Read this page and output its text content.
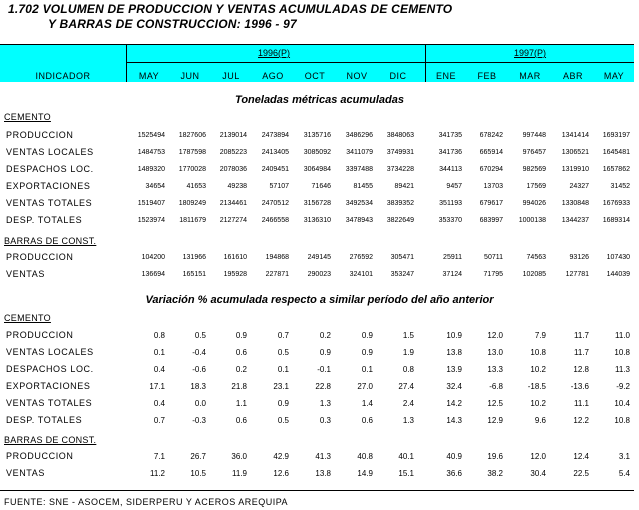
1.702 VOLUMEN DE PRODUCCION Y VENTAS ACUMULADAS DE CEMENTO
Y BARRAS DE CONSTRUCCION: 1996 - 97
1996(P)	1997(P)
INDICADOR	MAY	JUN	JUL	AGO	OCT	NOV	DIC	ENE	FEB	MAR	ABR	MAY
Toneladas métricas acumuladas
Variación % acumulada respecto a similar período del año anterior
CEMENTO
PRODUCCION	1525494	1827606	2139014	2473894	3135716	3486296	3848063	341735	678242	997448	1341414	1693197
VENTAS LOCALES	1484753	1787598	2085223	2413405	3085092	3411079	3749931	341736	665914	976457	1306521	1645481
DESPACHOS LOC.	1489320	1770028	2078036	2409451	3064984	3397488	3734228	344113	670294	982569	1319910	1657862
EXPORTACIONES	34654	41653	49238	57107	71646	81455	89421	9457	13703	17569	24327	31452
VENTAS TOTALES	1519407	1809249	2134461	2470512	3156728	3492534	3839352	351193	679617	994026	1330848	1676933
DESP. TOTALES	1523974	1811679	2127274	2466558	3136310	3478943	3822649	353370	683997	1000138	1344237	1689314
BARRAS DE CONST.
PRODUCCION	104200	131966	161610	194868	249145	276592	305471	25911	50711	74563	93126	107430
VENTAS	136694	165151	195928	227871	290023	324101	353247	37124	71795	102085	127781	144039
CEMENTO
PRODUCCION	0.8	0.5	0.9	0.7	0.2	0.9	1.5	10.9	12.0	7.9	11.7	11.0
VENTAS LOCALES	0.1	-0.4	0.6	0.5	0.9	0.9	1.9	13.8	13.0	10.8	11.7	10.8
DESPACHOS LOC.	0.4	-0.6	0.2	0.1	-0.1	0.1	0.8	13.9	13.3	10.2	12.8	11.3
EXPORTACIONES	17.1	18.3	21.8	23.1	22.8	27.0	27.4	32.4	-6.8	-18.5	-13.6	-9.2
VENTAS TOTALES	0.4	0.0	1.1	0.9	1.3	1.4	2.4	14.2	12.5	10.2	11.1	10.4
DESP. TOTALES	0.7	-0.3	0.6	0.5	0.3	0.6	1.3	14.3	12.9	9.6	12.2	10.8
BARRAS DE CONST.
PRODUCCION	7.1	26.7	36.0	42.9	41.3	40.8	40.1	40.9	19.6	12.0	12.4	3.1
VENTAS	11.2	10.5	11.9	12.6	13.8	14.9	15.1	36.6	38.2	30.4	22.5	5.4
FUENTE: SNE - ASOCEM, SIDERPERU Y ACEROS AREQUIPA
